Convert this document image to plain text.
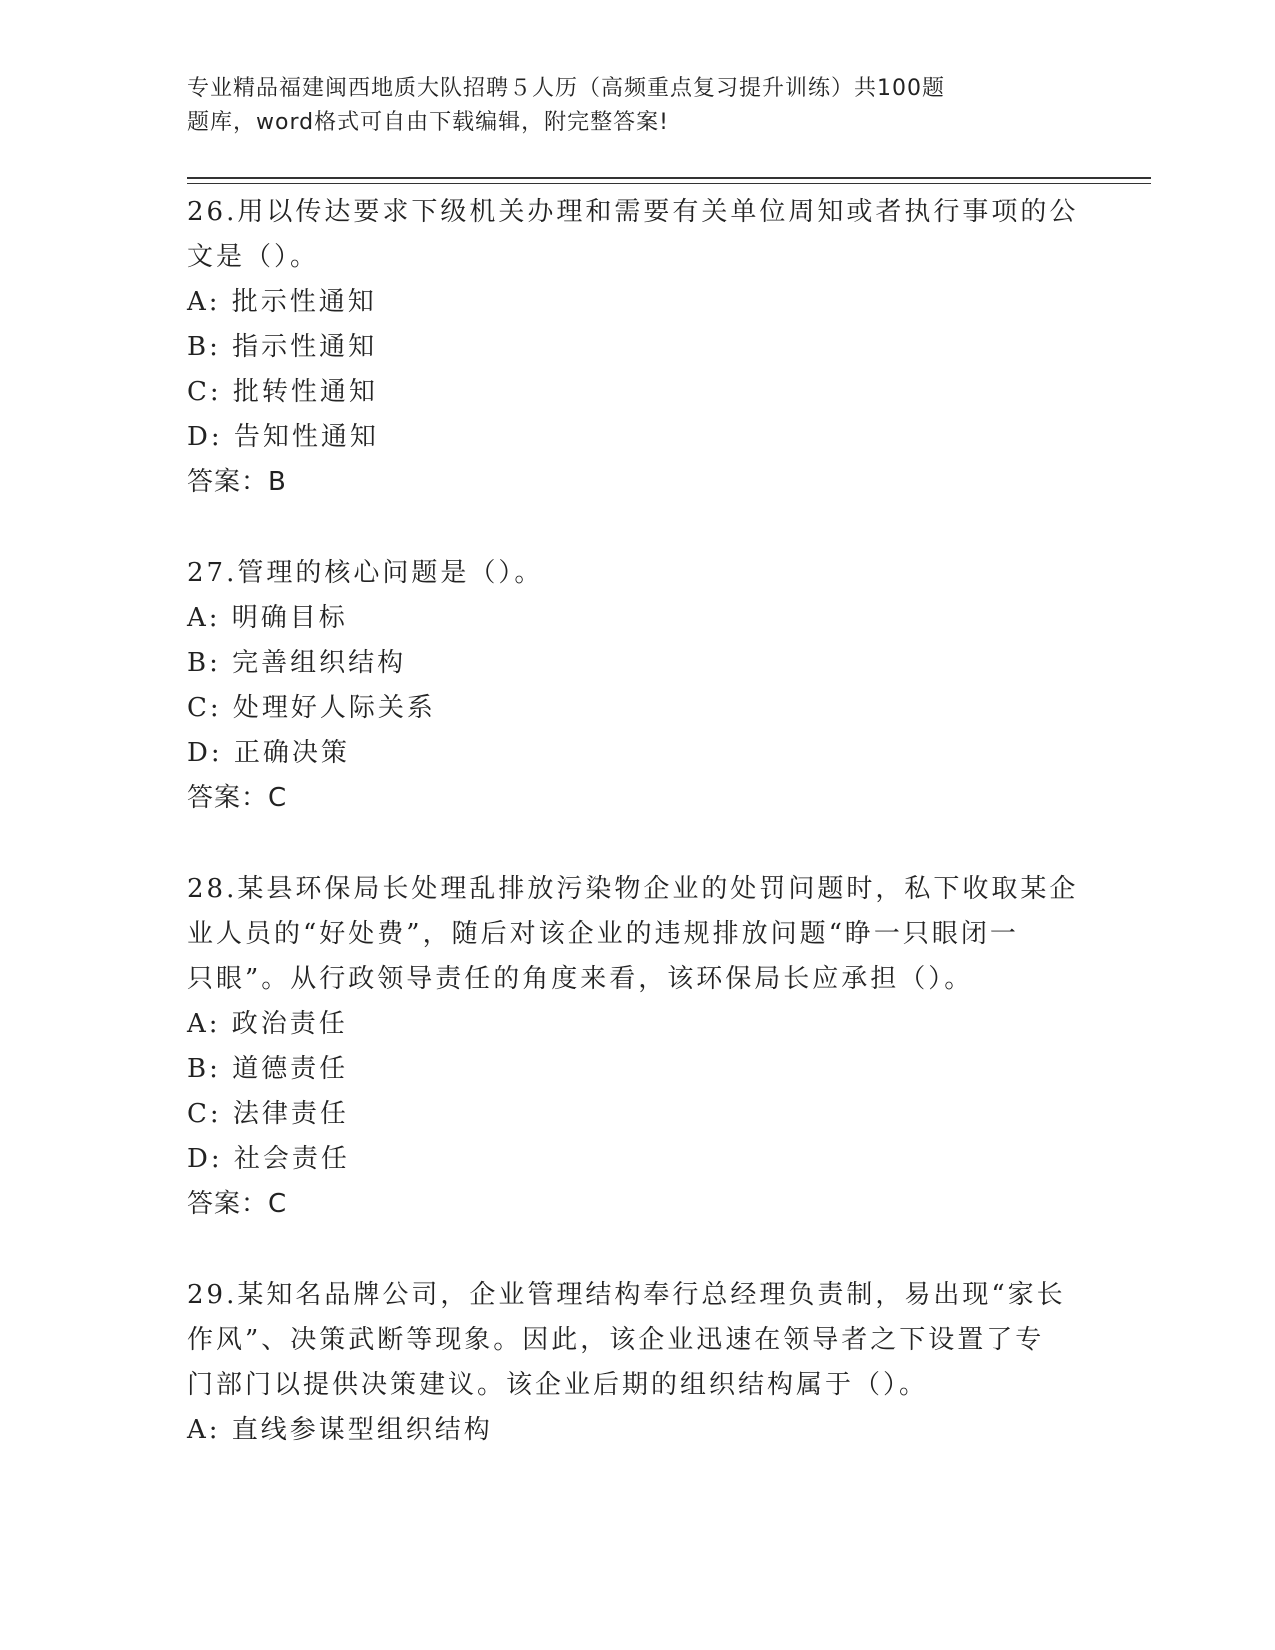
专业精品福建闽西地质大队招聘５人历（高频重点复习提升训练）共100题
题库，word格式可自由下载编辑，附完整答案!
26.用以传达要求下级机关办理和需要有关单位周知或者执行事项的公
文是（）。
A: 批示性通知
B: 指示性通知
C: 批转性通知
D: 告知性通知
答案：B
27.管理的核心问题是（）。
A: 明确目标
B: 完善组织结构
C: 处理好人际关系
D: 正确决策
答案：C
28.某县环保局长处理乱排放污染物企业的处罚问题时，私下收取某企
业人员的“好处费”，随后对该企业的违规排放问题“睁一只眼闭一
只眼”。从行政领导责任的角度来看，该环保局长应承担（）。
A: 政治责任
B: 道德责任
C: 法律责任
D: 社会责任
答案：C
29.某知名品牌公司，企业管理结构奉行总经理负责制，易出现“家长
作风”、决策武断等现象。因此，该企业迅速在领导者之下设置了专
门部门以提供决策建议。该企业后期的组织结构属于（）。
A: 直线参谋型组织结构
